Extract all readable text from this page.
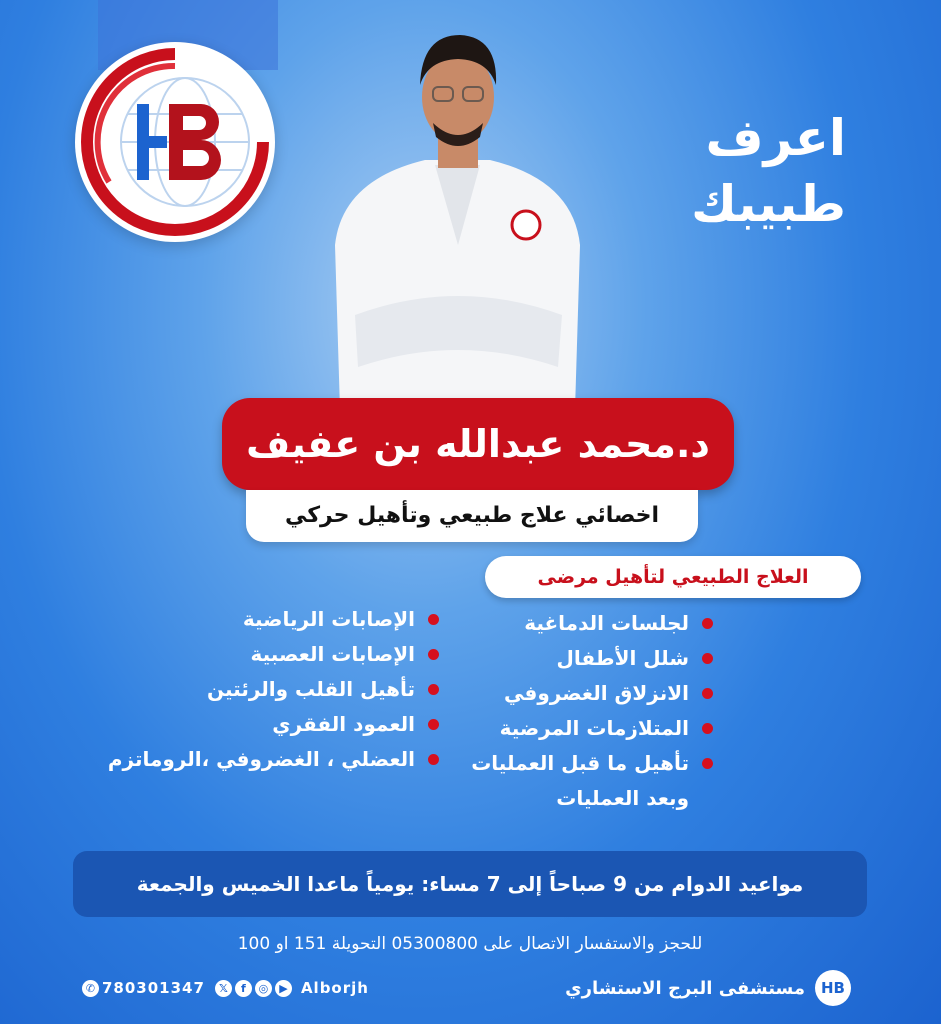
اعرف
طبيبك
د.محمد عبدالله بن عفيف
اخصائي علاج طبيعي وتأهيل حركي
العلاج الطبيعي لتأهيل مرضى
لجلسات الدماغية
شلل الأطفال
الانزلاق الغضروفي
المتلازمات المرضية
تأهيل ما قبل العمليات
وبعد العمليات
الإصابات الرياضية
الإصابات العصبية
تأهيل القلب والرئتين
العمود الفقري
العضلي ، الغضروفي ،الروماتزم
مواعيد الدوام من 9 صباحاً إلى 7 مساء: يومياً ماعدا الخميس والجمعة
للحجز والاستفسار الاتصال على 05300800 التحويلة 151 او 100
HB
مستشفى البرج الاستشاري
✆ 780301347	𝕏	f	◎ ▶ Alborjh
